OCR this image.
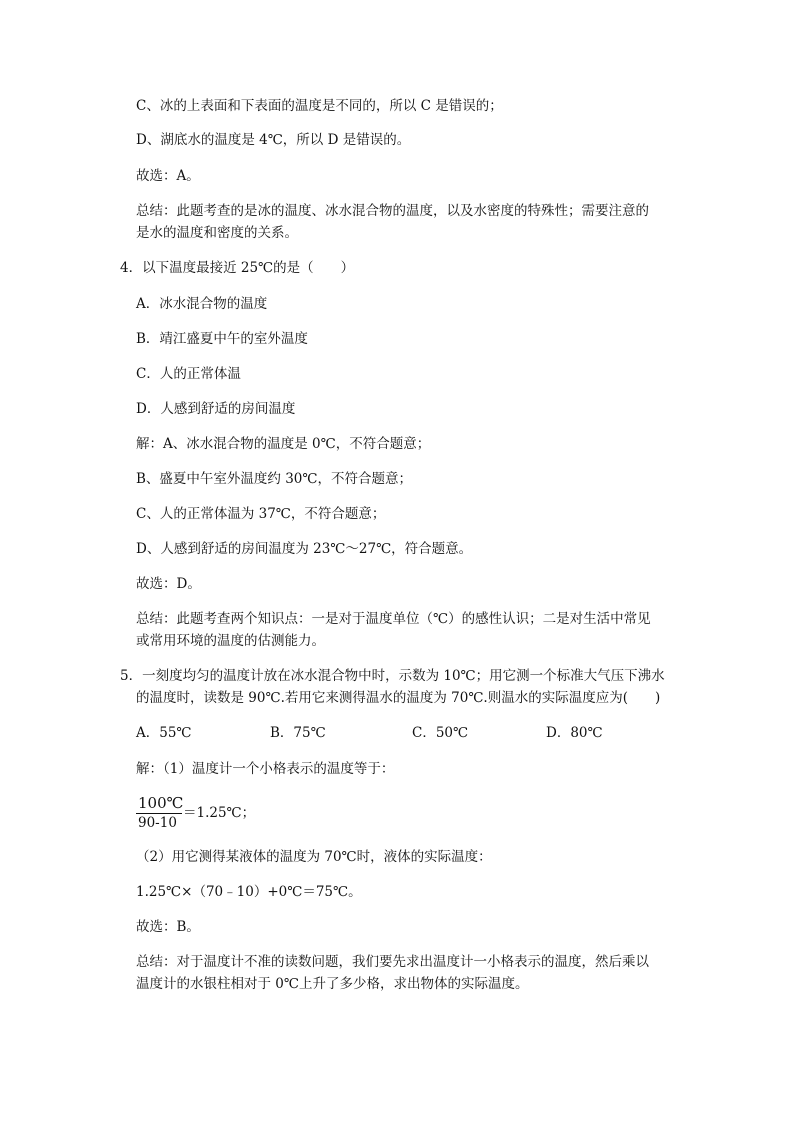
C、冰的上表面和下表面的温度是不同的，所以 C 是错误的；
D、湖底水的温度是 4℃，所以 D 是错误的。
故选：A。
总结：此题考查的是冰的温度、冰水混合物的温度，以及水密度的特殊性；需要注意的
是水的温度和密度的关系。
4．以下温度最接近 25℃的是（　　）
A．冰水混合物的温度
B．靖江盛夏中午的室外温度
C．人的正常体温
D．人感到舒适的房间温度
解：A、冰水混合物的温度是 0℃，不符合题意；
B、盛夏中午室外温度约 30℃，不符合题意；
C、人的正常体温为 37℃，不符合题意；
D、人感到舒适的房间温度为 23℃～27℃，符合题意。
故选：D。
总结：此题考查两个知识点：一是对于温度单位（℃）的感性认识；二是对生活中常见
或常用环境的温度的估测能力。
5．一刻度均匀的温度计放在冰水混合物中时，示数为 10℃；用它测一个标准大气压下沸水
的温度时，读数是 90℃.若用它来测得温水的温度为 70℃.则温水的实际温度应为(　　)
A．55℃	B．75℃	C．50℃	D．80℃
解：（1）温度计一个小格表示的温度等于：
100℃
90-10
＝1.25℃；
（2）用它测得某液体的温度为 70℃时，液体的实际温度：
1.25℃×（70﹣10）+0℃＝75℃。
故选：B。
总结：对于温度计不准的读数问题，我们要先求出温度计一小格表示的温度，然后乘以
温度计的水银柱相对于 0℃上升了多少格，求出物体的实际温度。
